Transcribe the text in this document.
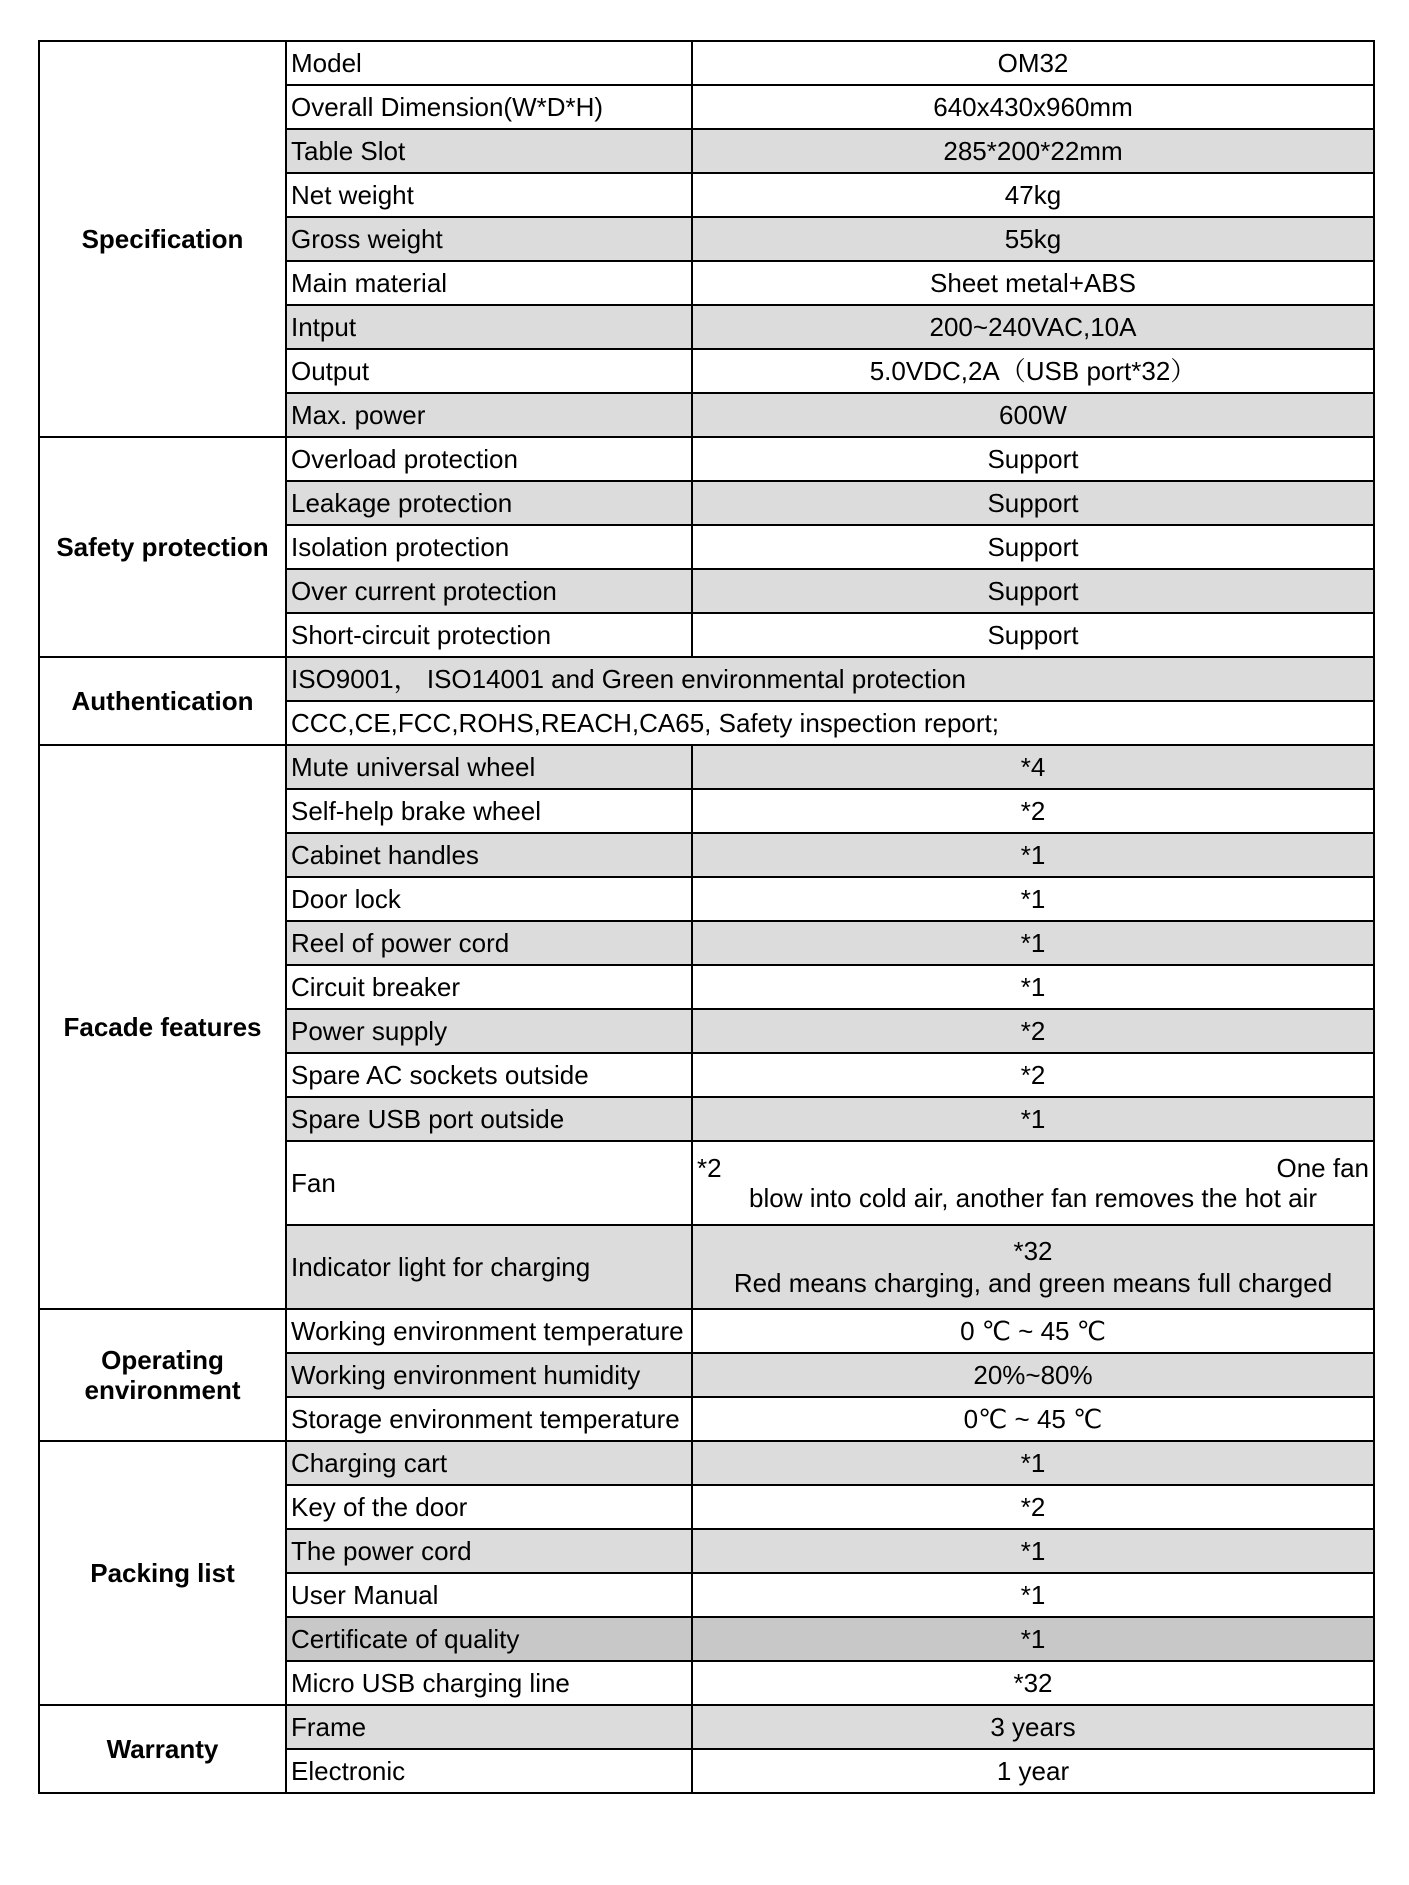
Specification	Model	OM32
	Overall Dimension(W*D*H)	640x430x960mm
	Table Slot	285*200*22mm
	Net weight	47kg
	Gross weight	55kg
	Main material	Sheet metal+ABS
	Intput	200~240VAC,10A
	Output	5.0VDC,2A（USB port*32）
	Max. power	600W
Safety protection	Overload protection	Support
	Leakage protection	Support
	Isolation protection	Support
	Over current protection	Support
	Short-circuit protection	Support
Authentication	ISO9001， ISO14001 and Green environmental protection	
	CCC,CE,FCC,ROHS,REACH,CA65, Safety inspection report;	
Facade features	Mute universal wheel	*4
	Self-help brake wheel	*2
	Cabinet handles	*1
	Door lock	*1
	Reel of power cord	*1
	Circuit breaker	*1
	Power supply	*2
	Spare AC sockets outside	*2
	Spare USB port outside	*1
	Fan	*2 One fan
blow into cold air, another fan removes the hot air

	Indicator light for charging	*32
Red means charging, and green means full charged

Operating environment	Working environment temperature	0 ℃ ~ 45 ℃
	Working environment humidity	20%~80%
	Storage environment temperature	0℃ ~ 45 ℃
Packing list	Charging cart	*1
	Key of the door	*2
	The power cord	*1
	User Manual	*1
	Certificate of quality	*1
	Micro USB charging line	*32
Warranty	Frame	3 years
	Electronic	1 year
